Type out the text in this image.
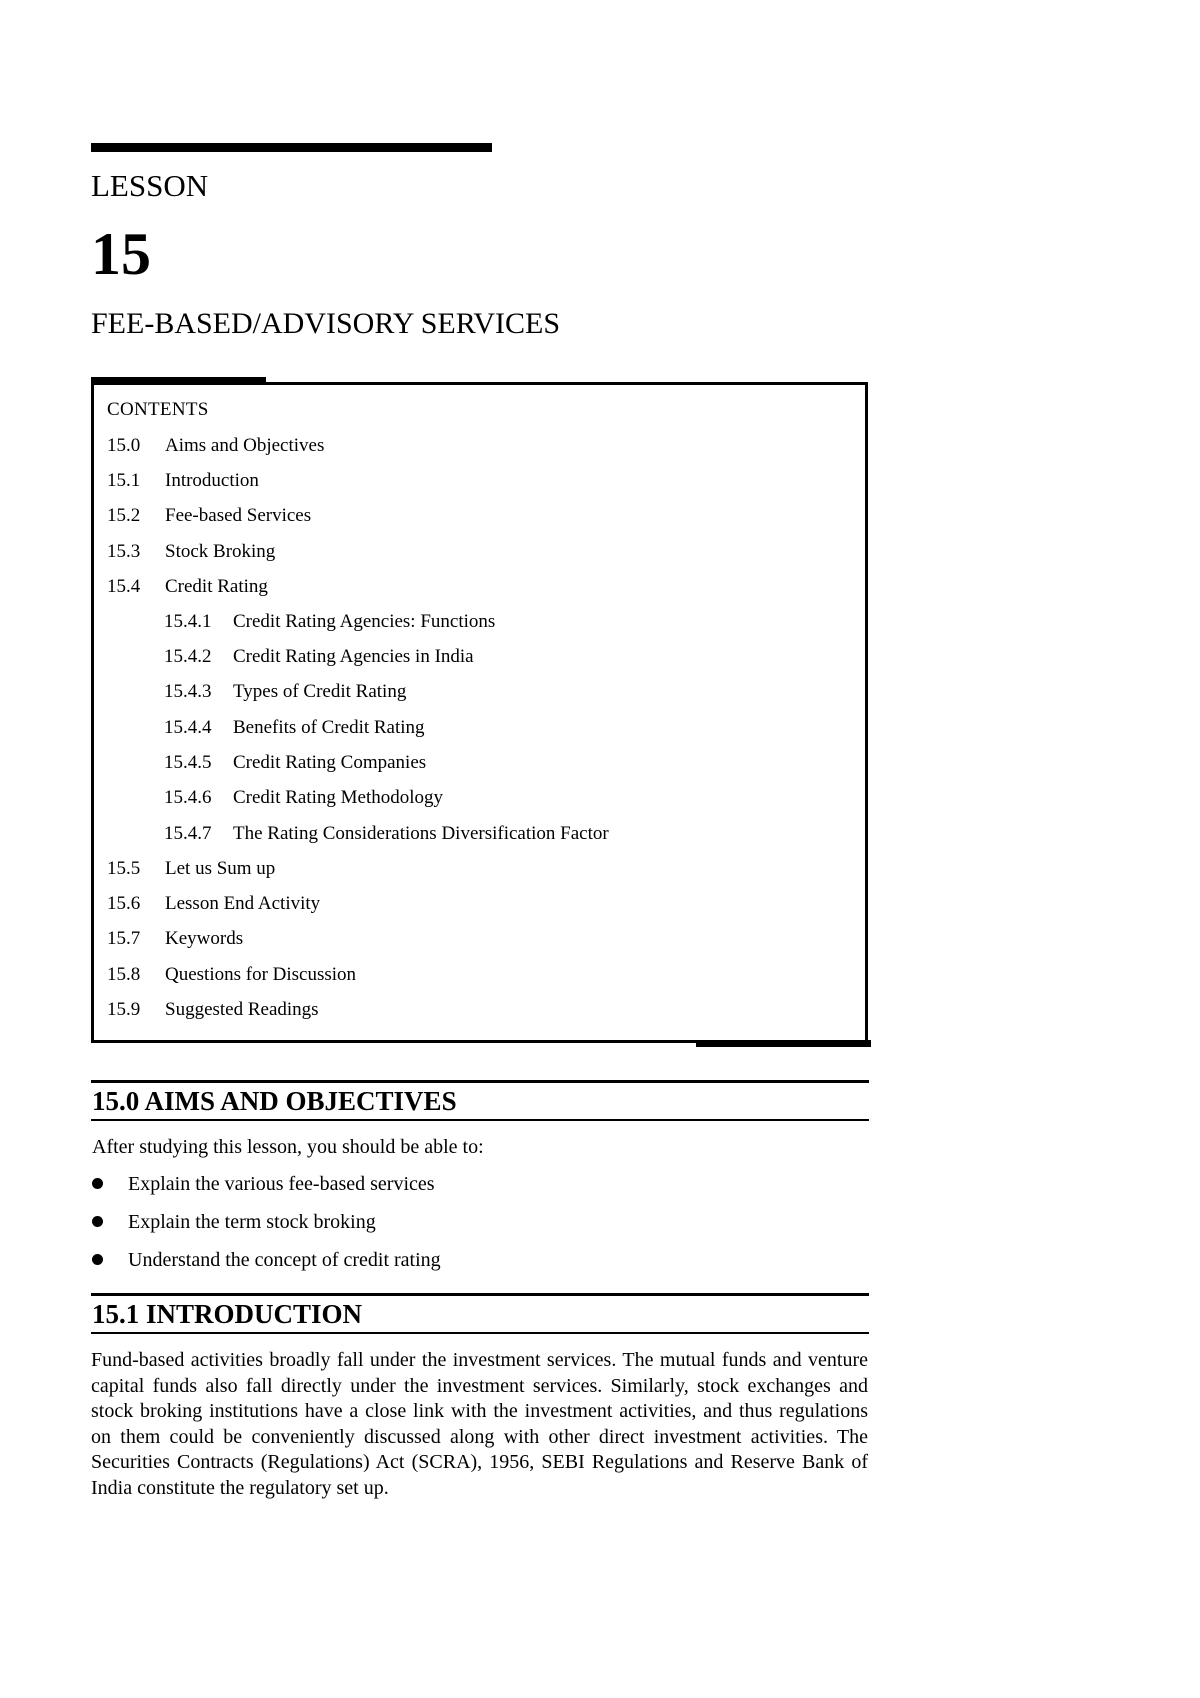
LESSON
15
FEE-BASED/ADVISORY SERVICES
CONTENTS
15.0 Aims and Objectives
15.1 Introduction
15.2 Fee-based Services
15.3 Stock Broking
15.4 Credit Rating
15.4.1 Credit Rating Agencies: Functions
15.4.2 Credit Rating Agencies in India
15.4.3 Types of Credit Rating
15.4.4 Benefits of Credit Rating
15.4.5 Credit Rating Companies
15.4.6 Credit Rating Methodology
15.4.7 The Rating Considerations Diversification Factor
15.5 Let us Sum up
15.6 Lesson End Activity
15.7 Keywords
15.8 Questions for Discussion
15.9 Suggested Readings
15.0 AIMS AND OBJECTIVES
After studying this lesson, you should be able to:
Explain the various fee-based services
Explain the term stock broking
Understand the concept of credit rating
15.1 INTRODUCTION
Fund-based activities broadly fall under the investment services. The mutual funds and venture capital funds also fall directly under the investment services. Similarly, stock exchanges and stock broking institutions have a close link with the investment activities, and thus regulations on them could be conveniently discussed along with other direct investment activities. The Securities Contracts (Regulations) Act (SCRA), 1956, SEBI Regulations and Reserve Bank of India constitute the regulatory set up.
